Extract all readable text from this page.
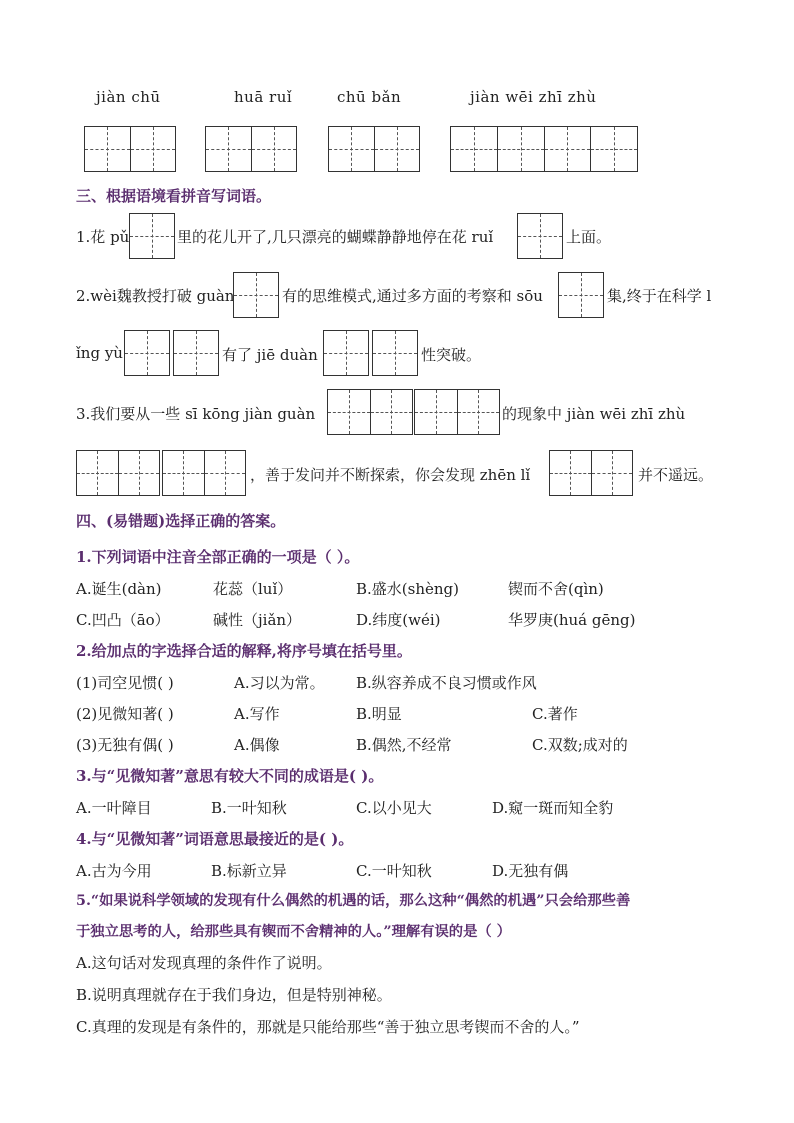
jiàn chū	huā ruǐ	chū bǎn	jiàn wēi zhī zhù
三、根据语境看拼音写词语。
1.花 pǔ	里的花儿开了,几只漂亮的蝴蝶静静地停在花 ruǐ	上面。
2.wèi魏教授打破 guàn	有的思维模式,通过多方面的考察和 sōu	集,终于在科学 l
ǐng yù	有了 jiē duàn	性突破。
3.我们要从一些 sī kōng jiàn guàn	的现象中 jiàn wēi zhī zhù
，善于发问并不断探索，你会发现 zhēn lǐ	并不遥远。
四、(易错题)选择正确的答案。
1.下列词语中注音全部正确的一项是（ ）。
A.诞生(dàn)	花蕊（luǐ）	B.盛水(shèng)	锲而不舍(qìn)
C.凹凸（āo）	碱性（jiǎn）	D.纬度(wéi)	华罗庚(huá gēng)
2.给加点的字选择合适的解释,将序号填在括号里。
(1)司空见惯( )	A.习以为常。 B.纵容养成不良习惯或作风
(2)见微知著( )	A.写作	B.明显	C.著作
(3)无独有偶( )	A.偶像	B.偶然,不经常	C.双数;成对的
3.与“见微知著”意思有较大不同的成语是( )。
A.一叶障目	B.一叶知秋	C.以小见大	D.窥一斑而知全豹
4.与“见微知著”词语意思最接近的是( )。
A.古为今用	B.标新立异	C.一叶知秋	D.无独有偶
5.“如果说科学领域的发现有什么偶然的机遇的话，那么这种“偶然的机遇”只会给那些善
于独立思考的人，给那些具有锲而不舍精神的人。”理解有误的是（ ）
A.这句话对发现真理的条件作了说明。
B.说明真理就存在于我们身边，但是特别神秘。
C.真理的发现是有条件的，那就是只能给那些“善于独立思考锲而不舍的人。”
